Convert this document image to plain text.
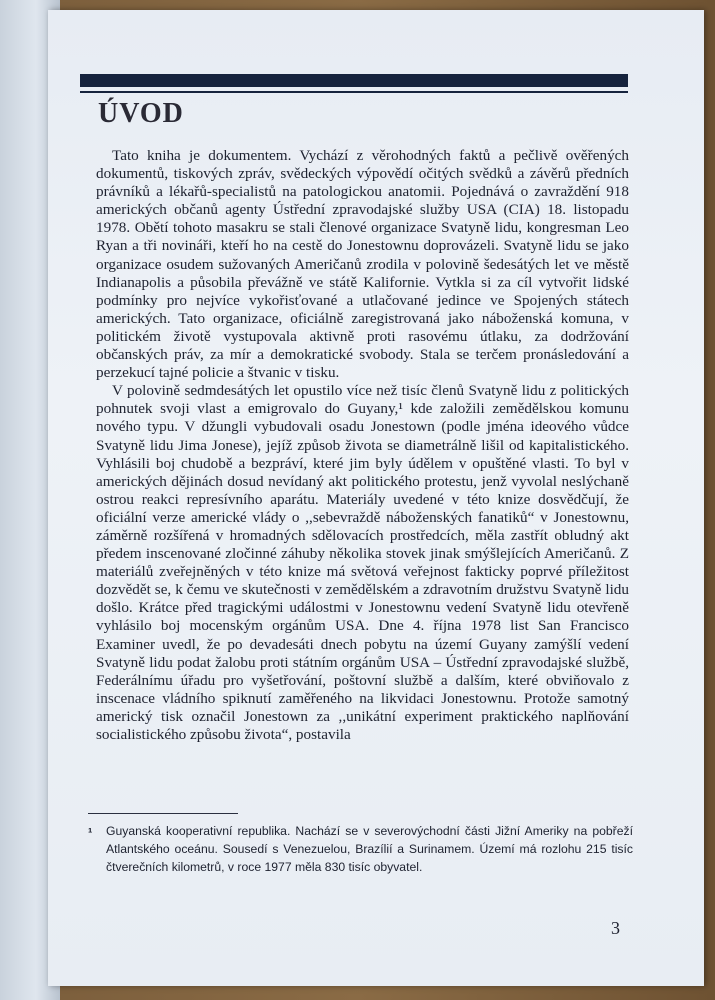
ÚVOD

Tato kniha je dokumentem. Vychází z věrohodných faktů a pečlivě ověřených dokumentů, tiskových zpráv, svědeckých výpovědí očitých svědků a závěrů předních právníků a lékařů-specialistů na patologickou anatomii. Pojednává o zavraždění 918 amerických občanů agenty Ústřední zpravodajské služby USA (CIA) 18. listopadu 1978. Obětí tohoto masakru se stali členové organizace Svatyně lidu, kongresman Leo Ryan a tři novináři, kteří ho na cestě do Jonestownu doprovázeli. Svatyně lidu se jako organizace osudem sužovaných Američanů zrodila v polovině šedesátých let ve městě Indianapolis a působila převážně ve státě Kalifornie. Vytkla si za cíl vytvořit lidské podmínky pro nejvíce vykořisťované a utlačované jedince ve Spojených státech amerických. Tato organizace, oficiálně zaregistrovaná jako náboženská komuna, v politickém životě vystupovala aktivně proti rasovému útlaku, za dodržování občanských práv, za mír a demokratické svobody. Stala se terčem pronásledování a perzekucí tajné policie a štvanic v tisku.

V polovině sedmdesátých let opustilo více než tisíc členů Svatyně lidu z politických pohnutek svoji vlast a emigrovalo do Guyany,¹ kde založili zemědělskou komunu nového typu. V džungli vybudovali osadu Jonestown (podle jména ideového vůdce Svatyně lidu Jima Jonese), jejíž způsob života se diametrálně lišil od kapitalistického. Vyhlásili boj chudobě a bezpráví, které jim byly údělem v opuštěné vlasti. To byl v amerických dějinách dosud nevídaný akt politického protestu, jenž vyvolal neslýchaně ostrou reakci represívního aparátu. Materiály uvedené v této knize dosvědčují, že oficiální verze americké vlády o ,,sebevraždě náboženských fanatiků“ v Jonestownu, záměrně rozšířená v hromadných sdělovacích prostředcích, měla zastřít obludný akt předem inscenované zločinné záhuby několika stovek jinak smýšlejících Američanů. Z materiálů zveřejněných v této knize má světová veřejnost fakticky poprvé příležitost dozvědět se, k čemu ve skutečnosti v zemědělském a zdravotním družstvu Svatyně lidu došlo. Krátce před tragickými událostmi v Jonestownu vedení Svatyně lidu otevřeně vyhlásilo boj mocenským orgánům USA. Dne 4. října 1978 list San Francisco Examiner uvedl, že po devadesáti dnech pobytu na území Guyany zamýšlí vedení Svatyně lidu podat žalobu proti státním orgánům USA – Ústřední zpravodajské službě, Federálnímu úřadu pro vyšetřování, poštovní službě a dalším, které obviňovalo z inscenace vládního spiknutí zaměřeného na likvidaci Jonestownu. Protože samotný americký tisk označil Jonestown za ,,unikátní experiment praktického naplňování socialistického způsobu života“, postavila

¹	Guyanská kooperativní republika. Nachází se v severovýchodní části Jižní Ameriky na pobřeží Atlantského oceánu. Sousedí s Venezuelou, Brazílií a Surinamem. Území má rozlohu 215 tisíc čtverečních kilometrů, v roce 1977 měla 830 tisíc obyvatel.
3
